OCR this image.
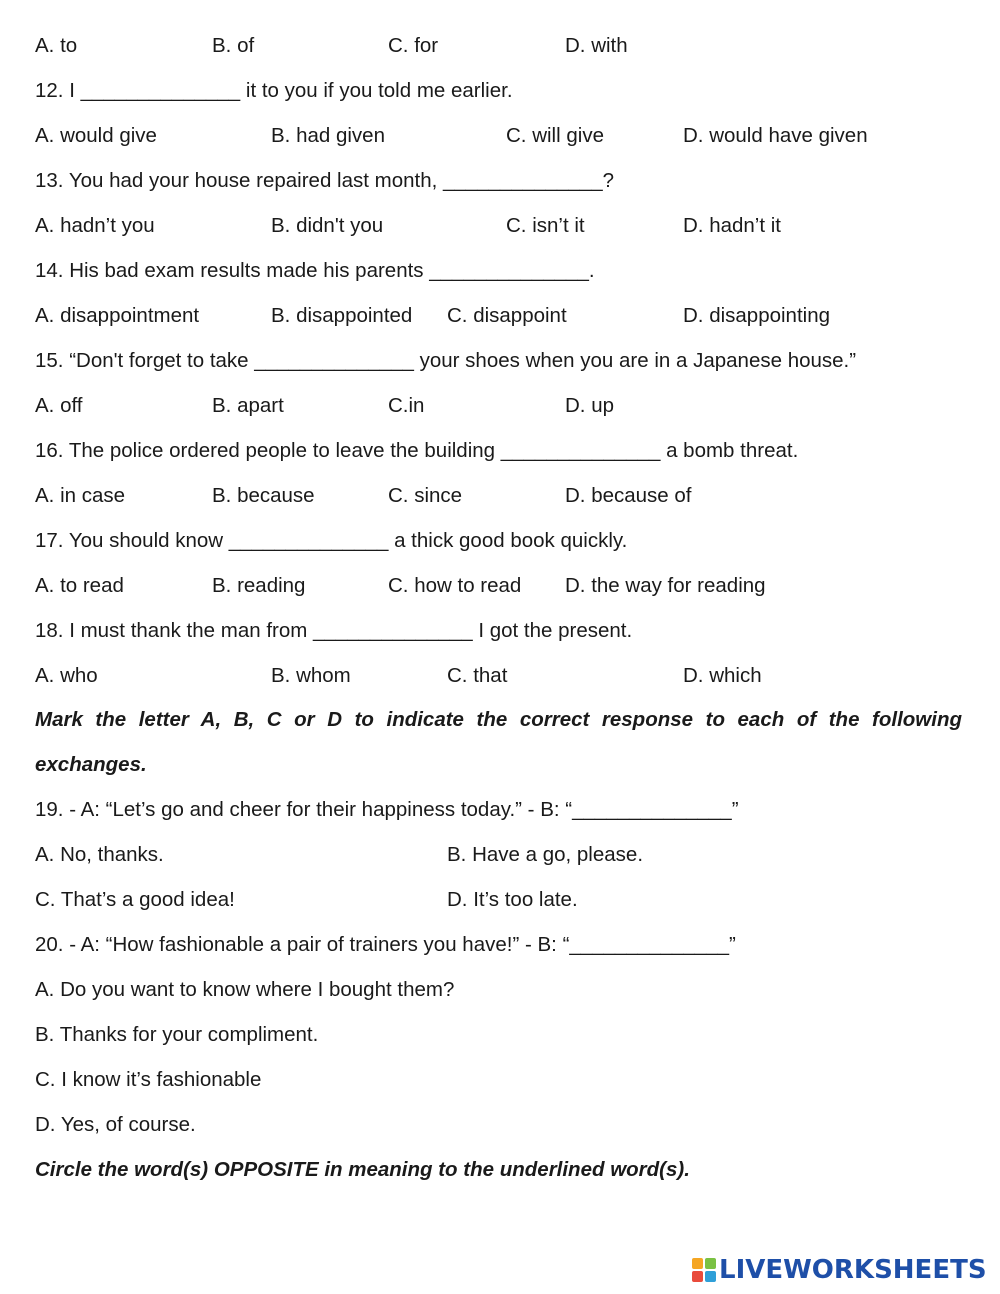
A. to	B. of	C. for	D. with
12. I ______________ it to you if you told me earlier.
A. would give	B. had given	C. will give	D. would have given
13. You had your house repaired last month, ______________?
A. hadn’t you	B. didn't you	C. isn’t it	D. hadn’t it
14. His bad exam results made his parents ______________.
A. disappointment	B. disappointed C. disappoint	D. disappointing
15. “Don't forget to take ______________ your shoes when you are in a Japanese house.”
A. off	B. apart	C.in	D. up
16. The police ordered people to leave the building ______________ a bomb threat.
A. in case	B. because	C. since	D. because of
17. You should know ______________ a thick good book quickly.
A. to read	B. reading	C. how to read D. the way for reading
18. I must thank the man from ______________ I got the present.
A. who	B. whom	C. that	D. which
Mark the letter A, B, C or D to indicate the correct response to each of the following
exchanges.
19. - A: “Let’s go and cheer for their happiness today.” - B: “______________”
A. No, thanks.	B. Have a go, please.
C. That’s a good idea!	D. It’s too late.
20. - A: “How fashionable a pair of trainers you have!” - B: “______________”
A. Do you want to know where I bought them?
B. Thanks for your compliment.
C. I know it’s fashionable
D. Yes, of course.
Circle the word(s) OPPOSITE in meaning to the underlined word(s).
LIVEWORKSHEETS
